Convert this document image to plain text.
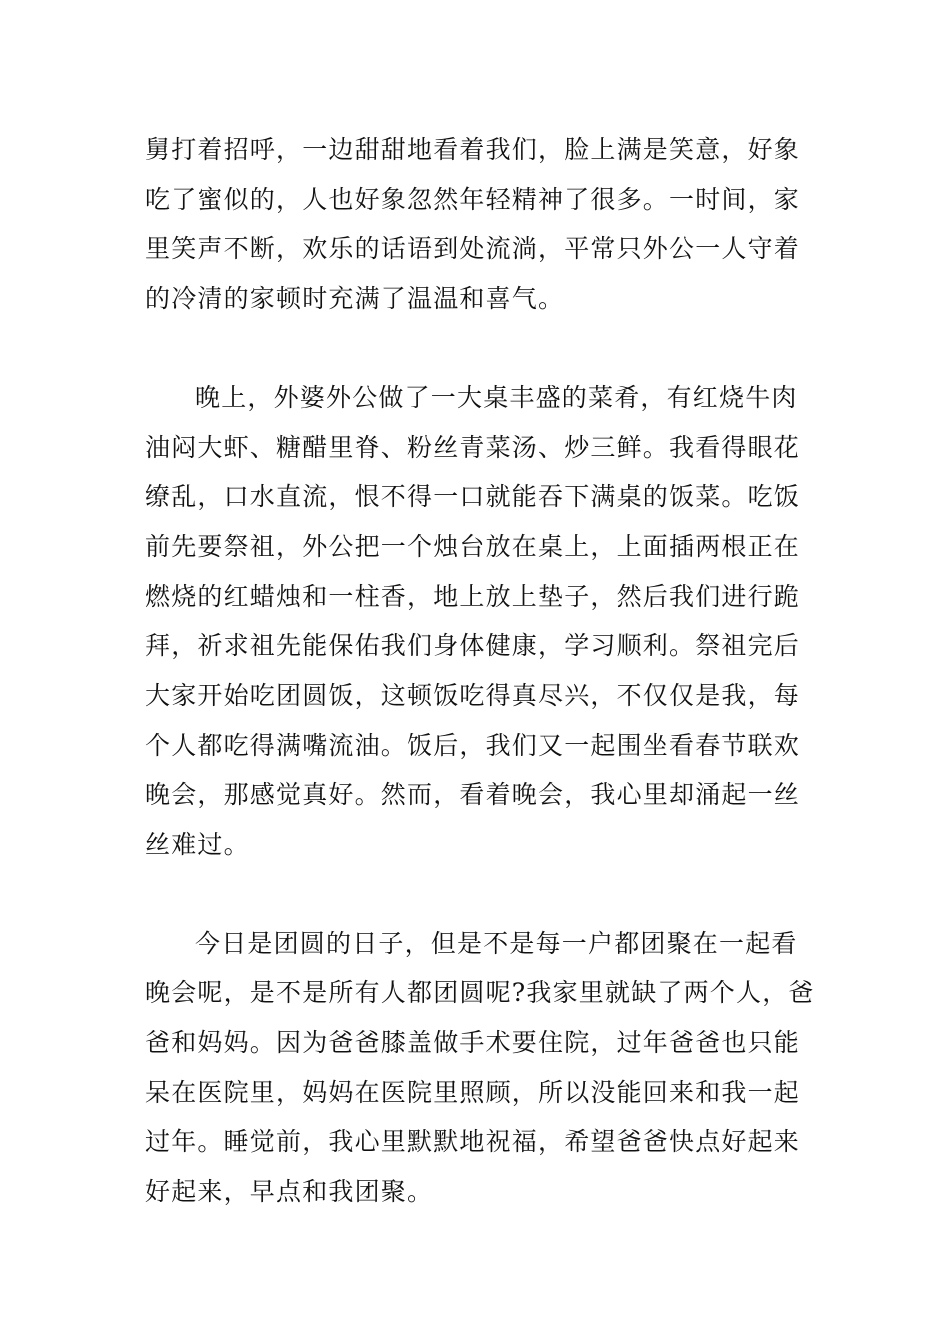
舅打着招呼，一边甜甜地看着我们，脸上满是笑意，好象
吃了蜜似的，人也好象忽然年轻精神了很多。一时间，家
里笑声不断，欢乐的话语到处流淌，平常只外公一人守着
的冷清的家顿时充满了温温和喜气。
晚上，外婆外公做了一大桌丰盛的菜肴，有红烧牛肉
油闷大虾、糖醋里脊、粉丝青菜汤、炒三鲜。我看得眼花
缭乱，口水直流，恨不得一口就能吞下满桌的饭菜。吃饭
前先要祭祖，外公把一个烛台放在桌上，上面插两根正在
燃烧的红蜡烛和一柱香，地上放上垫子，然后我们进行跪
拜，祈求祖先能保佑我们身体健康，学习顺利。祭祖完后
大家开始吃团圆饭，这顿饭吃得真尽兴，不仅仅是我，每
个人都吃得满嘴流油。饭后，我们又一起围坐看春节联欢
晚会，那感觉真好。然而，看着晚会，我心里却涌起一丝
丝难过。
今日是团圆的日子，但是不是每一户都团聚在一起看
晚会呢，是不是所有人都团圆呢?我家里就缺了两个人，爸
爸和妈妈。因为爸爸膝盖做手术要住院，过年爸爸也只能
呆在医院里，妈妈在医院里照顾，所以没能回来和我一起
过年。睡觉前，我心里默默地祝福，希望爸爸快点好起来
好起来，早点和我团聚。
